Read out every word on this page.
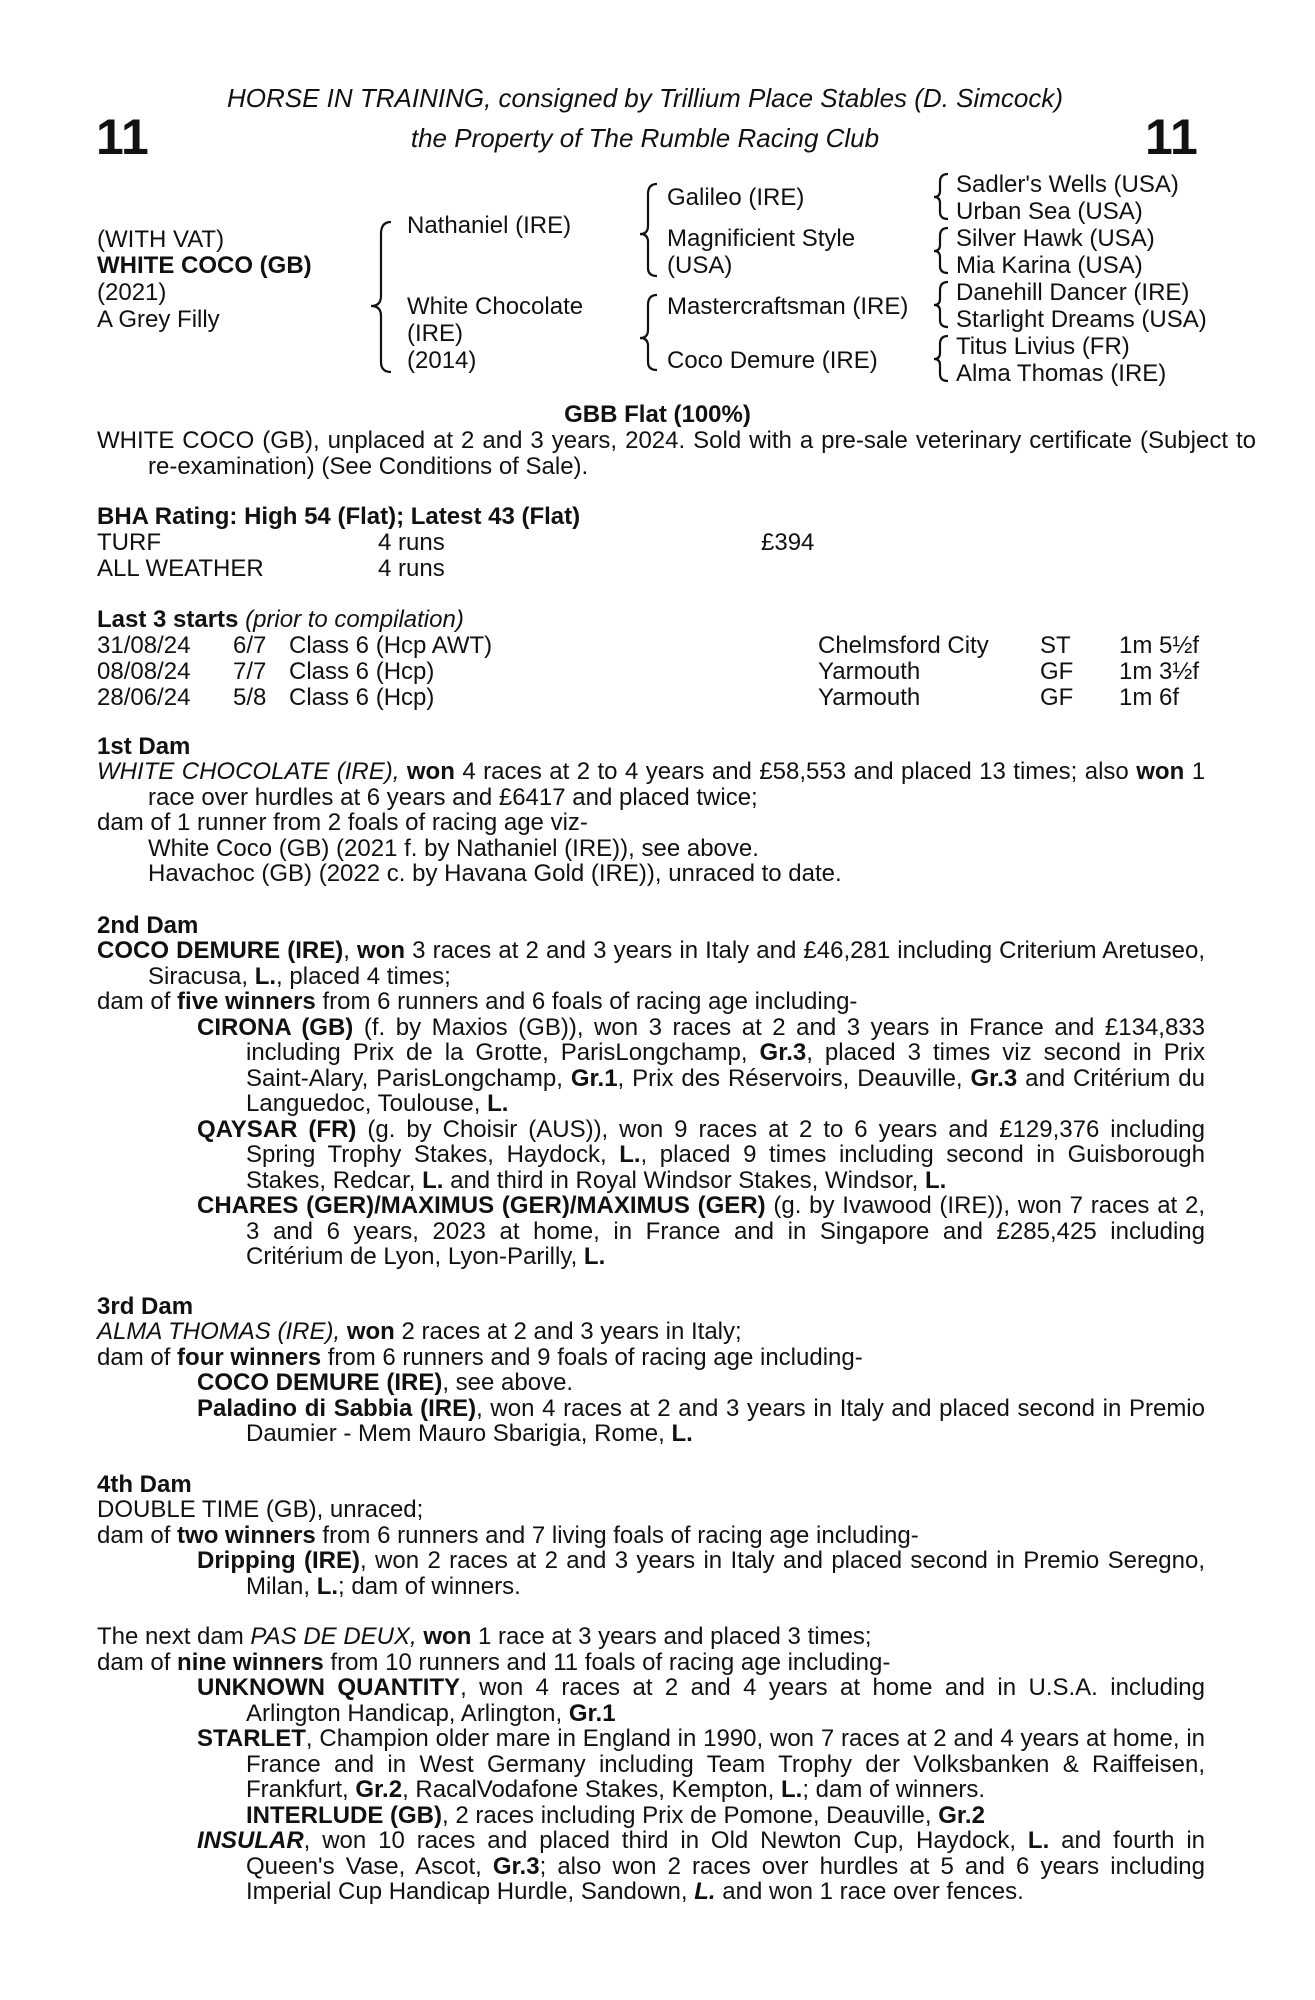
11	11
HORSE IN TRAINING, consigned by Trillium Place Stables (D. Simcock)
the Property of The Rumble Racing Club
(WITH VAT)
WHITE COCO (GB)
(2021)
A Grey Filly
Nathaniel (IRE)
White Chocolate
(IRE)
(2014)
Galileo (IRE)
Magnificient Style
(USA)
Mastercraftsman (IRE)
Coco Demure (IRE)
Sadler's Wells (USA)
Urban Sea (USA)
Silver Hawk (USA)
Mia Karina (USA)
Danehill Dancer (IRE)
Starlight Dreams (USA)
Titus Livius (FR)
Alma Thomas (IRE)
GBB Flat (100%)
WHITE COCO (GB), unplaced at 2 and 3 years, 2024. Sold with a pre-sale veterinary certificate (Subject to re-examination) (See Conditions of Sale).
BHA Rating: High 54 (Flat); Latest 43 (Flat)
TURF	4 runs	£394
ALL WEATHER	4 runs
Last 3 starts (prior to compilation)
31/08/24 6/7 Class 6 (Hcp AWT)	Chelmsford City ST 1m 5½f
08/08/24 7/7 Class 6 (Hcp)	Yarmouth	GF 1m 3½f
28/06/24 5/8 Class 6 (Hcp)	Yarmouth	GF 1m 6f
1st Dam
WHITE CHOCOLATE (IRE), won 4 races at 2 to 4 years and £58,553 and placed 13 times; also won 1 race over hurdles at 6 years and £6417 and placed twice;
dam of 1 runner from 2 foals of racing age viz-
White Coco (GB) (2021 f. by Nathaniel (IRE)), see above.
Havachoc (GB) (2022 c. by Havana Gold (IRE)), unraced to date.
2nd Dam
COCO DEMURE (IRE), won 3 races at 2 and 3 years in Italy and £46,281 including Criterium Aretuseo, Siracusa, L., placed 4 times;
dam of five winners from 6 runners and 6 foals of racing age including-
CIRONA (GB) (f. by Maxios (GB)), won 3 races at 2 and 3 years in France and £134,833 including Prix de la Grotte, ParisLongchamp, Gr.3, placed 3 times viz second in Prix Saint-Alary, ParisLongchamp, Gr.1, Prix des Réservoirs, Deauville, Gr.3 and Critérium du Languedoc, Toulouse, L.
QAYSAR (FR) (g. by Choisir (AUS)), won 9 races at 2 to 6 years and £129,376 including Spring Trophy Stakes, Haydock, L., placed 9 times including second in Guisborough Stakes, Redcar, L. and third in Royal Windsor Stakes, Windsor, L.
CHARES (GER)/MAXIMUS (GER)/MAXIMUS (GER) (g. by Ivawood (IRE)), won 7 races at 2, 3 and 6 years, 2023 at home, in France and in Singapore and £285,425 including Critérium de Lyon, Lyon-Parilly, L.
3rd Dam
ALMA THOMAS (IRE), won 2 races at 2 and 3 years in Italy;
dam of four winners from 6 runners and 9 foals of racing age including-
COCO DEMURE (IRE), see above.
Paladino di Sabbia (IRE), won 4 races at 2 and 3 years in Italy and placed second in Premio Daumier - Mem Mauro Sbarigia, Rome, L.
4th Dam
DOUBLE TIME (GB), unraced;
dam of two winners from 6 runners and 7 living foals of racing age including-
Dripping (IRE), won 2 races at 2 and 3 years in Italy and placed second in Premio Seregno, Milan, L.; dam of winners.
The next dam PAS DE DEUX, won 1 race at 3 years and placed 3 times;
dam of nine winners from 10 runners and 11 foals of racing age including-
UNKNOWN QUANTITY, won 4 races at 2 and 4 years at home and in U.S.A. including Arlington Handicap, Arlington, Gr.1
STARLET, Champion older mare in England in 1990, won 7 races at 2 and 4 years at home, in France and in West Germany including Team Trophy der Volksbanken & Raiffeisen, Frankfurt, Gr.2, RacalVodafone Stakes, Kempton, L.; dam of winners.
INTERLUDE (GB), 2 races including Prix de Pomone, Deauville, Gr.2
INSULAR, won 10 races and placed third in Old Newton Cup, Haydock, L. and fourth in Queen's Vase, Ascot, Gr.3; also won 2 races over hurdles at 5 and 6 years including Imperial Cup Handicap Hurdle, Sandown, L. and won 1 race over fences.
